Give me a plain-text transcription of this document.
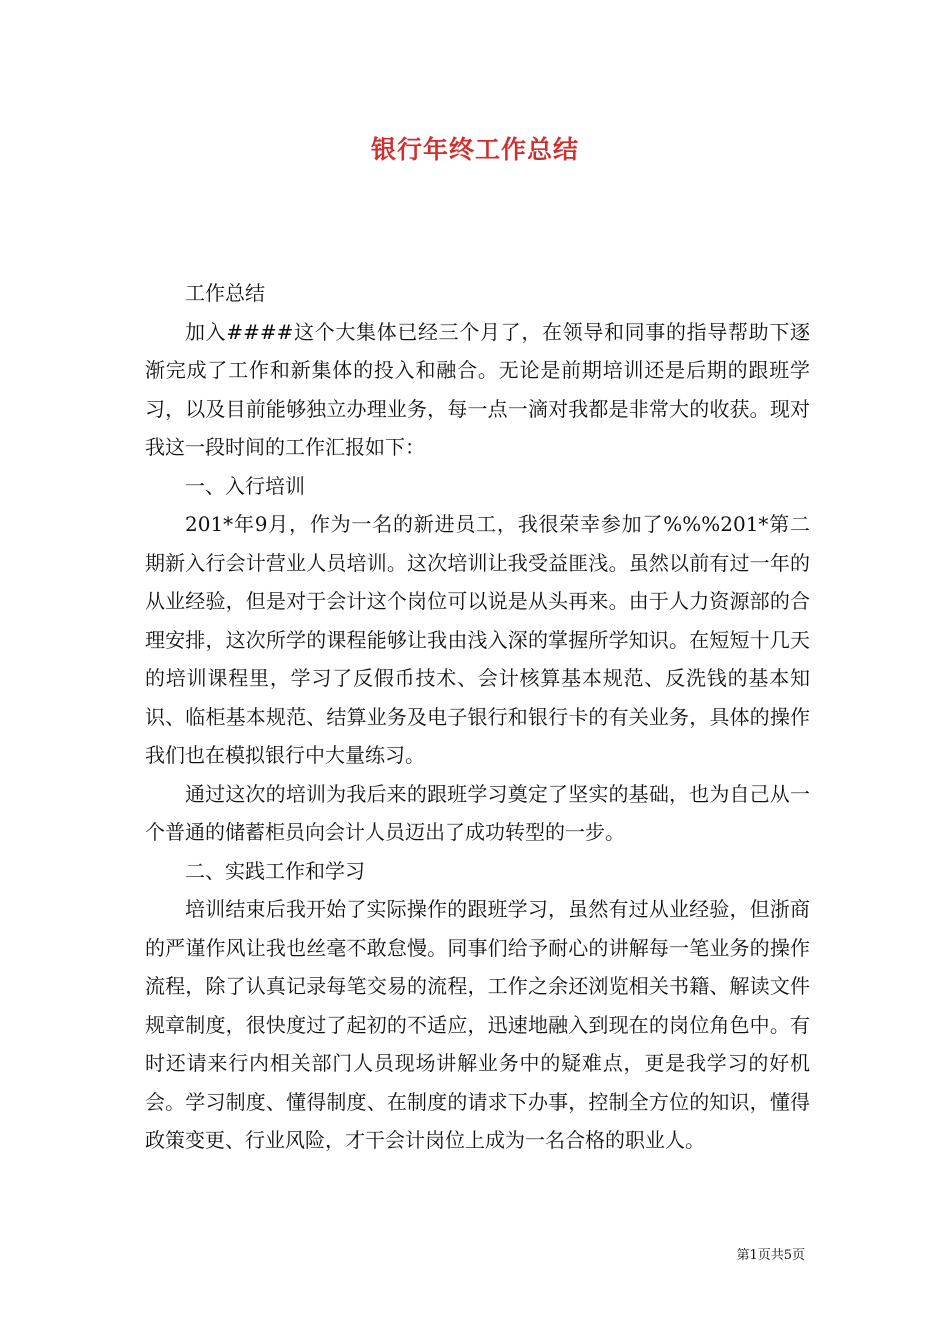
银行年终工作总结

工作总结

加入####这个大集体已经三个月了，在领导和同事的指导帮助下逐渐完成了工作和新集体的投入和融合。无论是前期培训还是后期的跟班学习，以及目前能够独立办理业务，每一点一滴对我都是非常大的收获。现对我这一段时间的工作汇报如下：

一、入行培训

201*年9月，作为一名的新进员工，我很荣幸参加了%%%201*第二期新入行会计营业人员培训。这次培训让我受益匪浅。虽然以前有过一年的从业经验，但是对于会计这个岗位可以说是从头再来。由于人力资源部的合理安排，这次所学的课程能够让我由浅入深的掌握所学知识。在短短十几天的培训课程里，学习了反假币技术、会计核算基本规范、反洗钱的基本知识、临柜基本规范、结算业务及电子银行和银行卡的有关业务，具体的操作我们也在模拟银行中大量练习。

通过这次的培训为我后来的跟班学习奠定了坚实的基础，也为自己从一个普通的储蓄柜员向会计人员迈出了成功转型的一步。

二、实践工作和学习

培训结束后我开始了实际操作的跟班学习，虽然有过从业经验，但浙商的严谨作风让我也丝毫不敢怠慢。同事们给予耐心的讲解每一笔业务的操作流程，除了认真记录每笔交易的流程，工作之余还浏览相关书籍、解读文件规章制度，很快度过了起初的不适应，迅速地融入到现在的岗位角色中。有时还请来行内相关部门人员现场讲解业务中的疑难点，更是我学习的好机会。学习制度、懂得制度、在制度的请求下办事，控制全方位的知识，懂得政策变更、行业风险，才干会计岗位上成为一名合格的职业人。

第1页共5页
